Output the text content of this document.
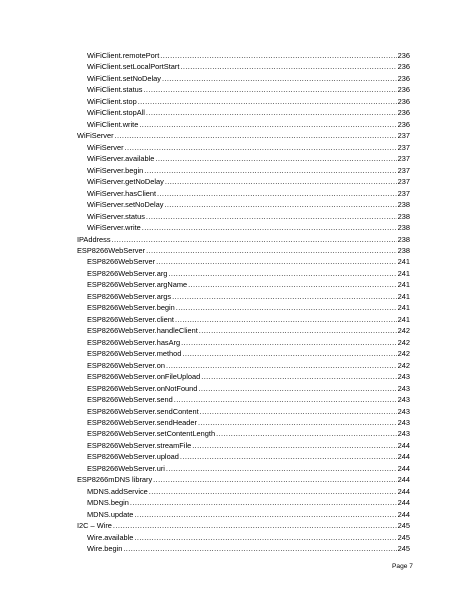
WiFiClient.remotePort .....	236
WiFiClient.setLocalPortStart .....	236
WiFiClient.setNoDelay .....	236
WiFiClient.status .....	236
WiFiClient.stop .....	236
WiFiClient.stopAll .....	236
WiFiClient.write .....	236
WiFiServer .....	237
WiFiServer .....	237
WiFiServer.available .....	237
WiFiServer.begin .....	237
WiFiServer.getNoDelay .....	237
WiFiServer.hasClient .....	237
WiFiServer.setNoDelay .....	238
WiFiServer.status .....	238
WiFiServer.write .....	238
IPAddress .....	238
ESP8266WebServer .....	238
ESP8266WebServer .....	241
ESP8266WebServer.arg .....	241
ESP8266WebServer.argName .....	241
ESP8266WebServer.args .....	241
ESP8266WebServer.begin .....	241
ESP8266WebServer.client .....	241
ESP8266WebServer.handleClient .....	242
ESP8266WebServer.hasArg .....	242
ESP8266WebServer.method .....	242
ESP8266WebServer.on .....	242
ESP8266WebServer.onFileUpload .....	243
ESP8266WebServer.onNotFound .....	243
ESP8266WebServer.send .....	243
ESP8266WebServer.sendContent .....	243
ESP8266WebServer.sendHeader .....	243
ESP8266WebServer.setContentLength .....	243
ESP8266WebServer.streamFile .....	244
ESP8266WebServer.upload .....	244
ESP8266WebServer.uri .....	244
ESP8266mDNS library .....	244
MDNS.addService .....	244
MDNS.begin .....	244
MDNS.update .....	244
I2C – Wire .....	245
Wire.available .....	245
Wire.begin .....	245
Page 7
